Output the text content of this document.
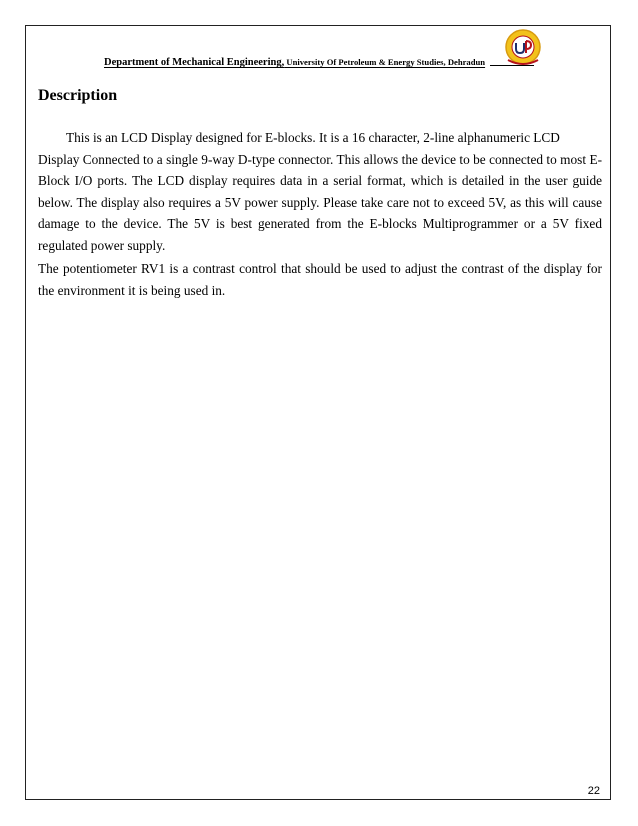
Department of Mechanical Engineering, University Of Petroleum & Energy Studies, Dehradun
Description

This is an LCD Display designed for E-blocks. It is a 16 character, 2-line alphanumeric LCD

Display Connected to a single 9-way D-type connector. This allows the device to be connected to most E-Block I/O ports. The LCD display requires data in a serial format, which is detailed in the user guide below. The display also requires a 5V power supply. Please take care not to exceed 5V, as this will cause damage to the device. The 5V is best generated from the E-blocks Multiprogrammer or a 5V fixed regulated power supply.

The potentiometer RV1 is a contrast control that should be used to adjust the contrast of the display for the environment it is being used in.

22
